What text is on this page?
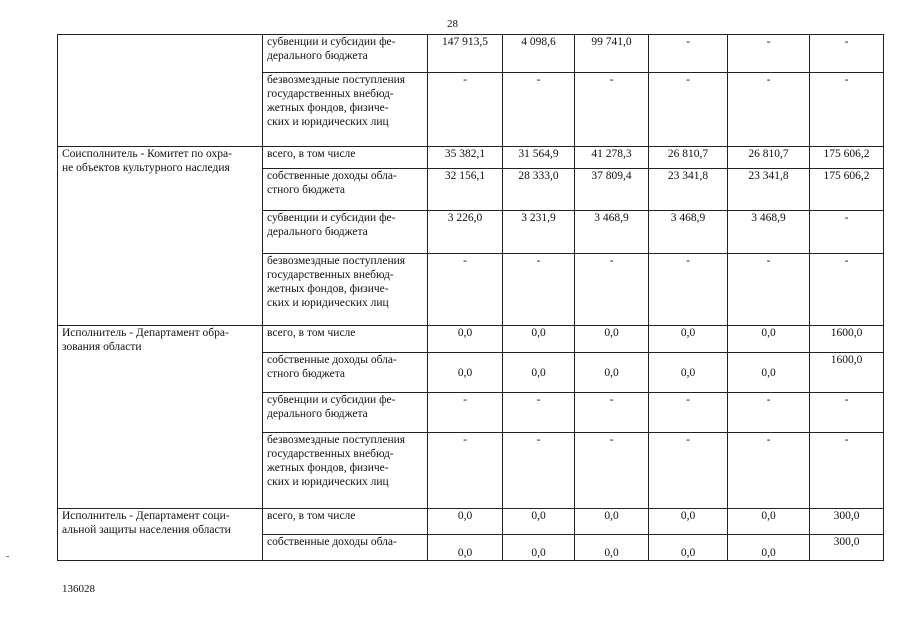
28
-

	субвенции и субсидии фе-
дерального бюджета	147 913,5	4 098,6	99 741,0	-	-	-

	безвозмездные поступления
государственных внебюд-
жетных фондов, физиче-
ских и юридических лиц	-	-	-	-	-	-

Соисполнитель - Комитет по охра-
не объектов культурного наследия	всего, в том числе	35 382,1	31 564,9	41 278,3	26 810,7	26 810,7	175 606,2

	собственные доходы обла-
стного бюджета	32 156,1	28 333,0	37 809,4	23 341,8	23 341,8	175 606,2

	субвенции и субсидии фе-
дерального бюджета	3 226,0	3 231,9	3 468,9	3 468,9	3 468,9	-

	безвозмездные поступления
государственных внебюд-
жетных фондов, физиче-
ских и юридических лиц	-	-	-	-	-	-

Исполнитель - Департамент обра-
зования области	всего, в том числе	0,0	0,0	0,0	0,0	0,0	1600,0

	собственные доходы обла-
стного бюджета	0,0	0,0	0,0	0,0	0,0	1600,0

	субвенции и субсидии фе-
дерального бюджета	-	-	-	-	-	-

	безвозмездные поступления
государственных внебюд-
жетных фондов, физиче-
ских и юридических лиц	-	-	-	-	-	-

Исполнитель - Департамент соци-
альной защиты населения области	всего, в том числе	0,0	0,0	0,0	0,0	0,0	300,0

	собственные доходы обла-	0,0	0,0	0,0	0,0	0,0	300,0
136028
